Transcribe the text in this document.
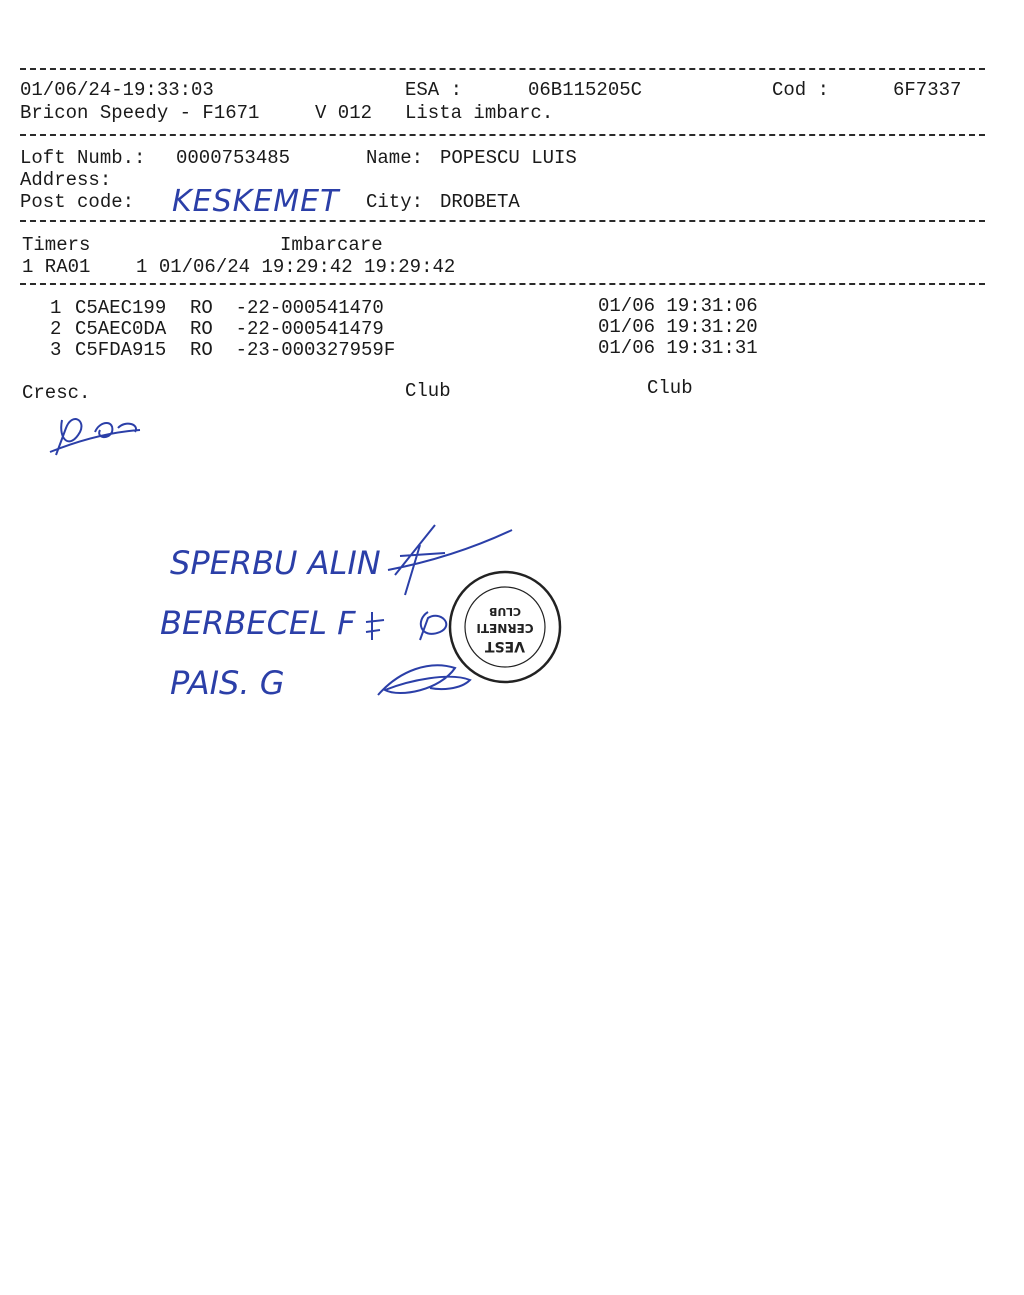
01/06/24-19:33:03	ESA :	06B115205C	Cod :	6F7337
Bricon Speedy - F1671	V 012 Lista imbarc.
Loft Numb.: 0000753485	Name: POPESCU LUIS
Address:
Post code: KESKEMET City: DROBETA
Timers	Imbarcare
1 RA01    1 01/06/24 19:29:42 19:29:42
1 C5AEC199 RO  -22-000541470	01/06 19:31:06
2 C5AEC0DA RO  -22-000541479	01/06 19:31:20
3 C5FDA915 RO  -23-000327959F	01/06 19:31:31
Cresc.	Club	Club
SPERBU ALIN
BERBECEL F
PAIS. G
VEST
CERNETI
CLUB
